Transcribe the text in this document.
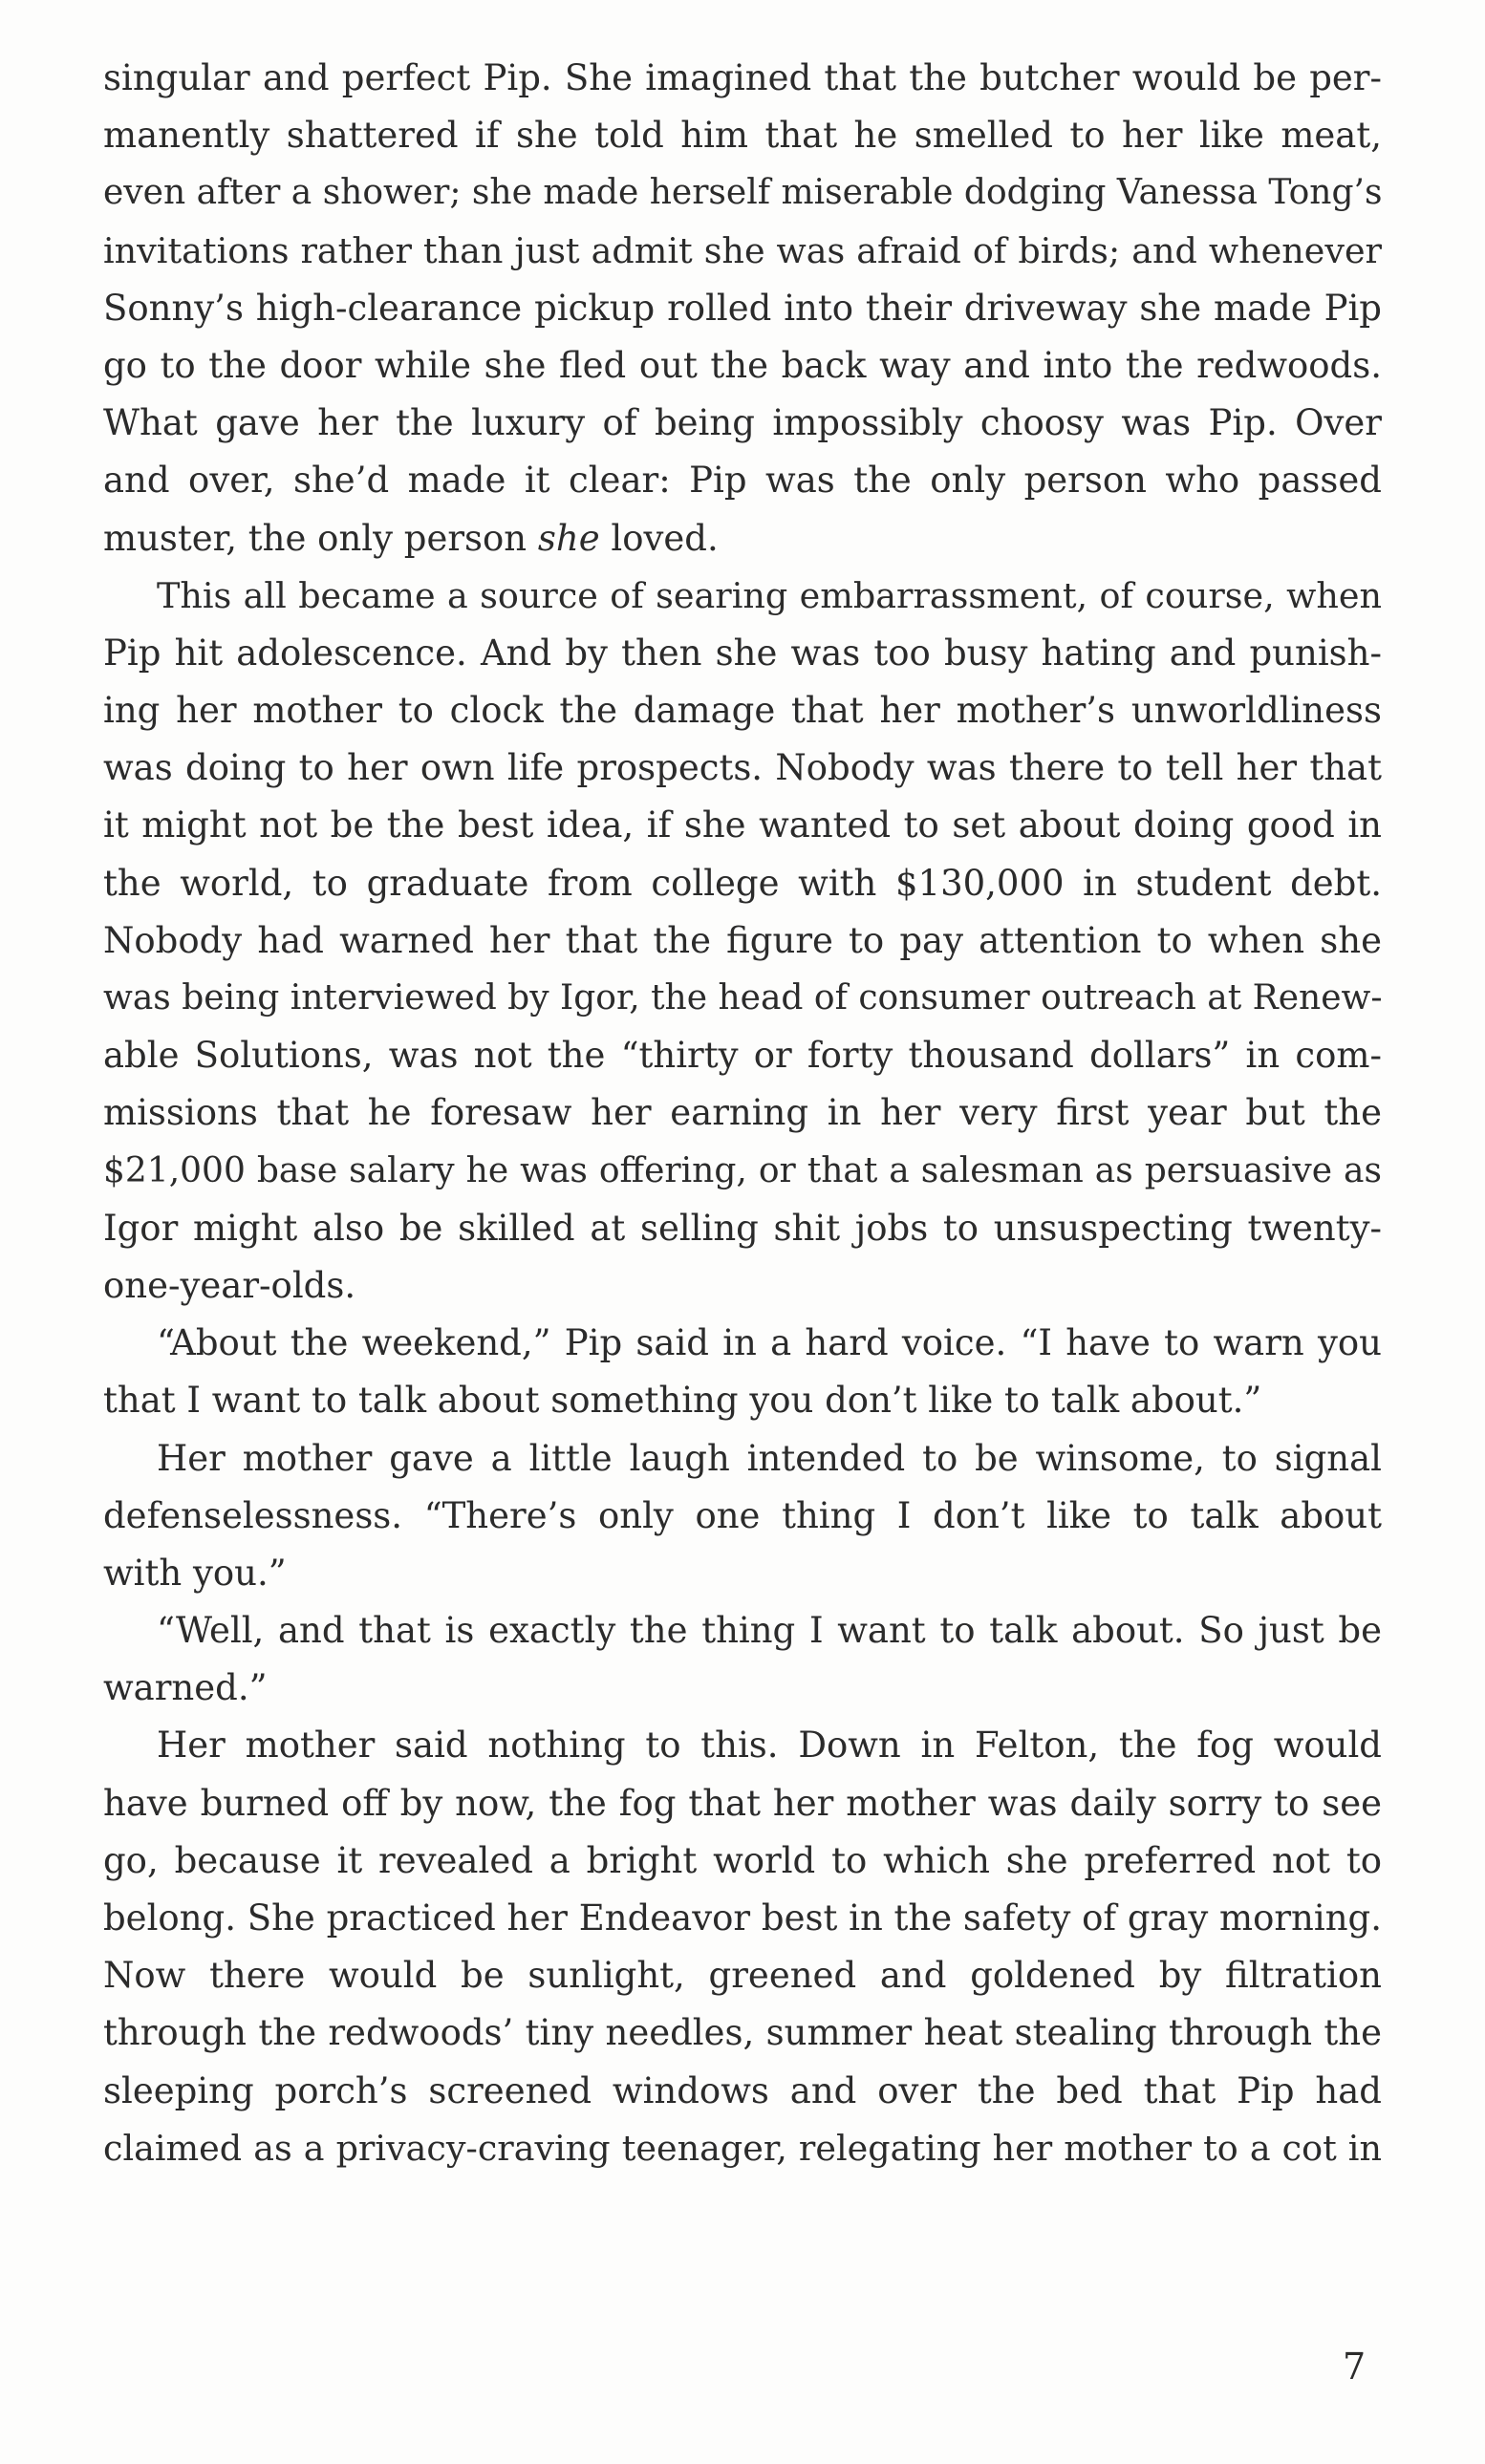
singular and perfect Pip. She imagined that the butcher would be per-
manently shattered if she told him that he smelled to her like meat,
even after a shower; she made herself miserable dodging Vanessa Tong’s
invitations rather than just admit she was afraid of birds; and whenever
Sonny’s high-clearance pickup rolled into their driveway she made Pip
go to the door while she fled out the back way and into the redwoods.
What gave her the luxury of being impossibly choosy was Pip. Over
and over, she’d made it clear: Pip was the only person who passed
muster, the only person she loved.
This all became a source of searing embarrassment, of course, when
Pip hit adolescence. And by then she was too busy hating and punish-
ing her mother to clock the damage that her mother’s unworldliness
was doing to her own life prospects. Nobody was there to tell her that
it might not be the best idea, if she wanted to set about doing good in
the world, to graduate from college with $130,000 in student debt.
Nobody had warned her that the figure to pay attention to when she
was being interviewed by Igor, the head of consumer outreach at Renew-
able Solutions, was not the “thirty or forty thousand dollars” in com-
missions that he foresaw her earning in her very first year but the
$21,000 base salary he was offering, or that a salesman as persuasive as
Igor might also be skilled at selling shit jobs to unsuspecting twenty-
one-year-olds.
“About the weekend,” Pip said in a hard voice. “I have to warn you
that I want to talk about something you don’t like to talk about.”
Her mother gave a little laugh intended to be winsome, to signal
defenselessness. “There’s only one thing I don’t like to talk about
with you.”
“Well, and that is exactly the thing I want to talk about. So just be
warned.”
Her mother said nothing to this. Down in Felton, the fog would
have burned off by now, the fog that her mother was daily sorry to see
go, because it revealed a bright world to which she preferred not to
belong. She practiced her Endeavor best in the safety of gray morning.
Now there would be sunlight, greened and goldened by filtration
through the redwoods’ tiny needles, summer heat stealing through the
sleeping porch’s screened windows and over the bed that Pip had
claimed as a privacy-craving teenager, relegating her mother to a cot in
7
